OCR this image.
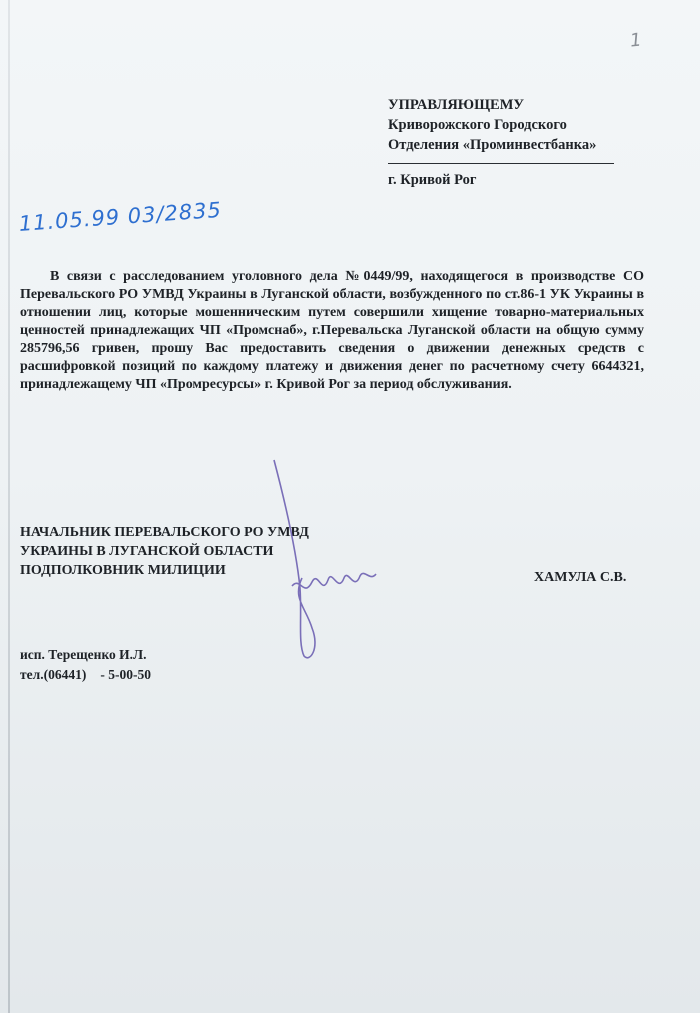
1
УПРАВЛЯЮЩЕМУ
Криворожского Городского
Отделения «Проминвестбанка»
г. Кривой Рог
11.05.99 03/2835
В связи с расследованием уголовного дела №0449/99, находящегося в производстве СО Перевальского РО УМВД Украины в Луганской области, возбужденного по ст.86-1 УК Украины в отношении лиц, которые мошенническим путем совершили хищение товарно-материальных ценностей принадлежащих ЧП «Промснаб», г.Перевальска Луганской области на общую сумму 285796,56 гривен, прошу Вас предоставить сведения о движении денежных средств с расшифровкой позиций по каждому платежу и движения денег по расчетному счету 6644321, принадлежащему ЧП «Промресурсы» г. Кривой Рог за период обслуживания.
НАЧАЛЬНИК ПЕРЕВАЛЬСКОГО РО УМВД
УКРАИНЫ В ЛУГАНСКОЙ ОБЛАСТИ
ПОДПОЛКОВНИК МИЛИЦИИ	ХАМУЛА С.В.
исп. Терещенко И.Л.
тел.(06441) - 5-00-50
